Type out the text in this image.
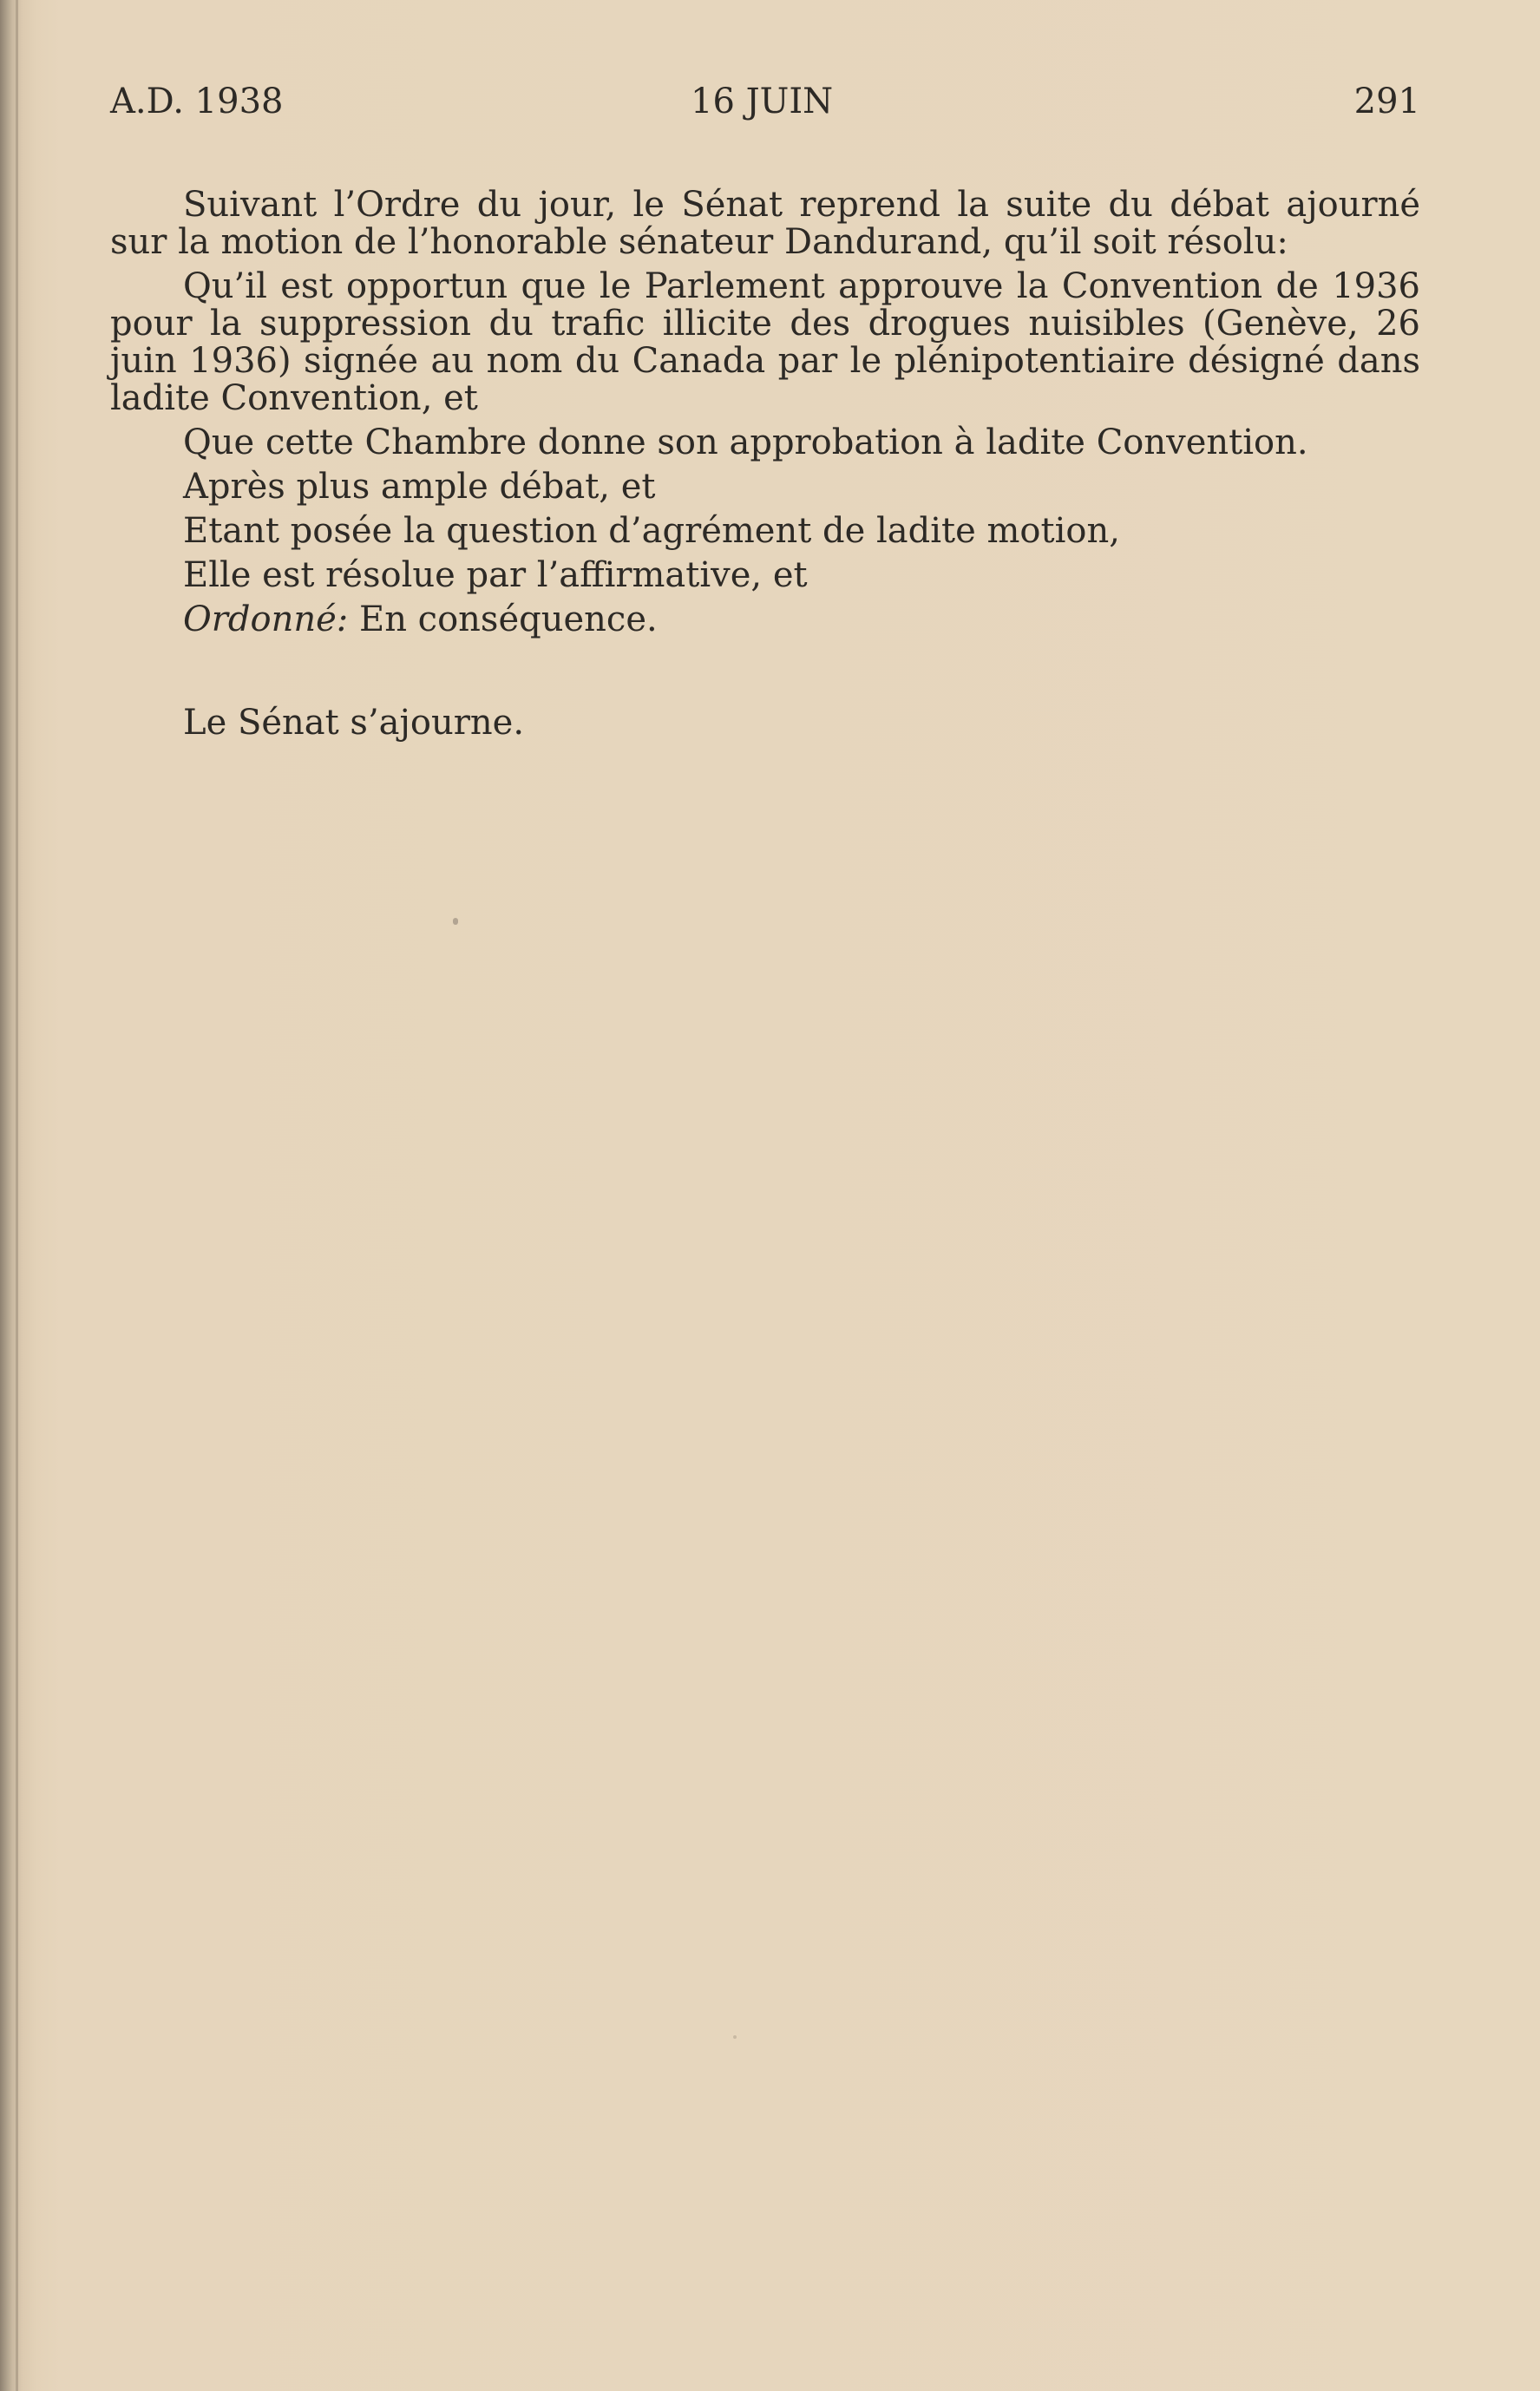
A.D. 1938	16 JUIN	291

Suivant l’Ordre du jour, le Sénat reprend la suite du débat ajourné sur la motion de l’honorable sénateur Dandurand, qu’il soit résolu:

Qu’il est opportun que le Parlement approuve la Convention de 1936 pour la suppression du trafic illicite des drogues nuisibles (Genève, 26 juin 1936) signée au nom du Canada par le plénipotentiaire désigné dans ladite Convention, et

Que cette Chambre donne son approbation à ladite Convention.

Après plus ample débat, et

Etant posée la question d’agrément de ladite motion,

Elle est résolue par l’affirmative, et

Ordonné: En conséquence.

Le Sénat s’ajourne.
